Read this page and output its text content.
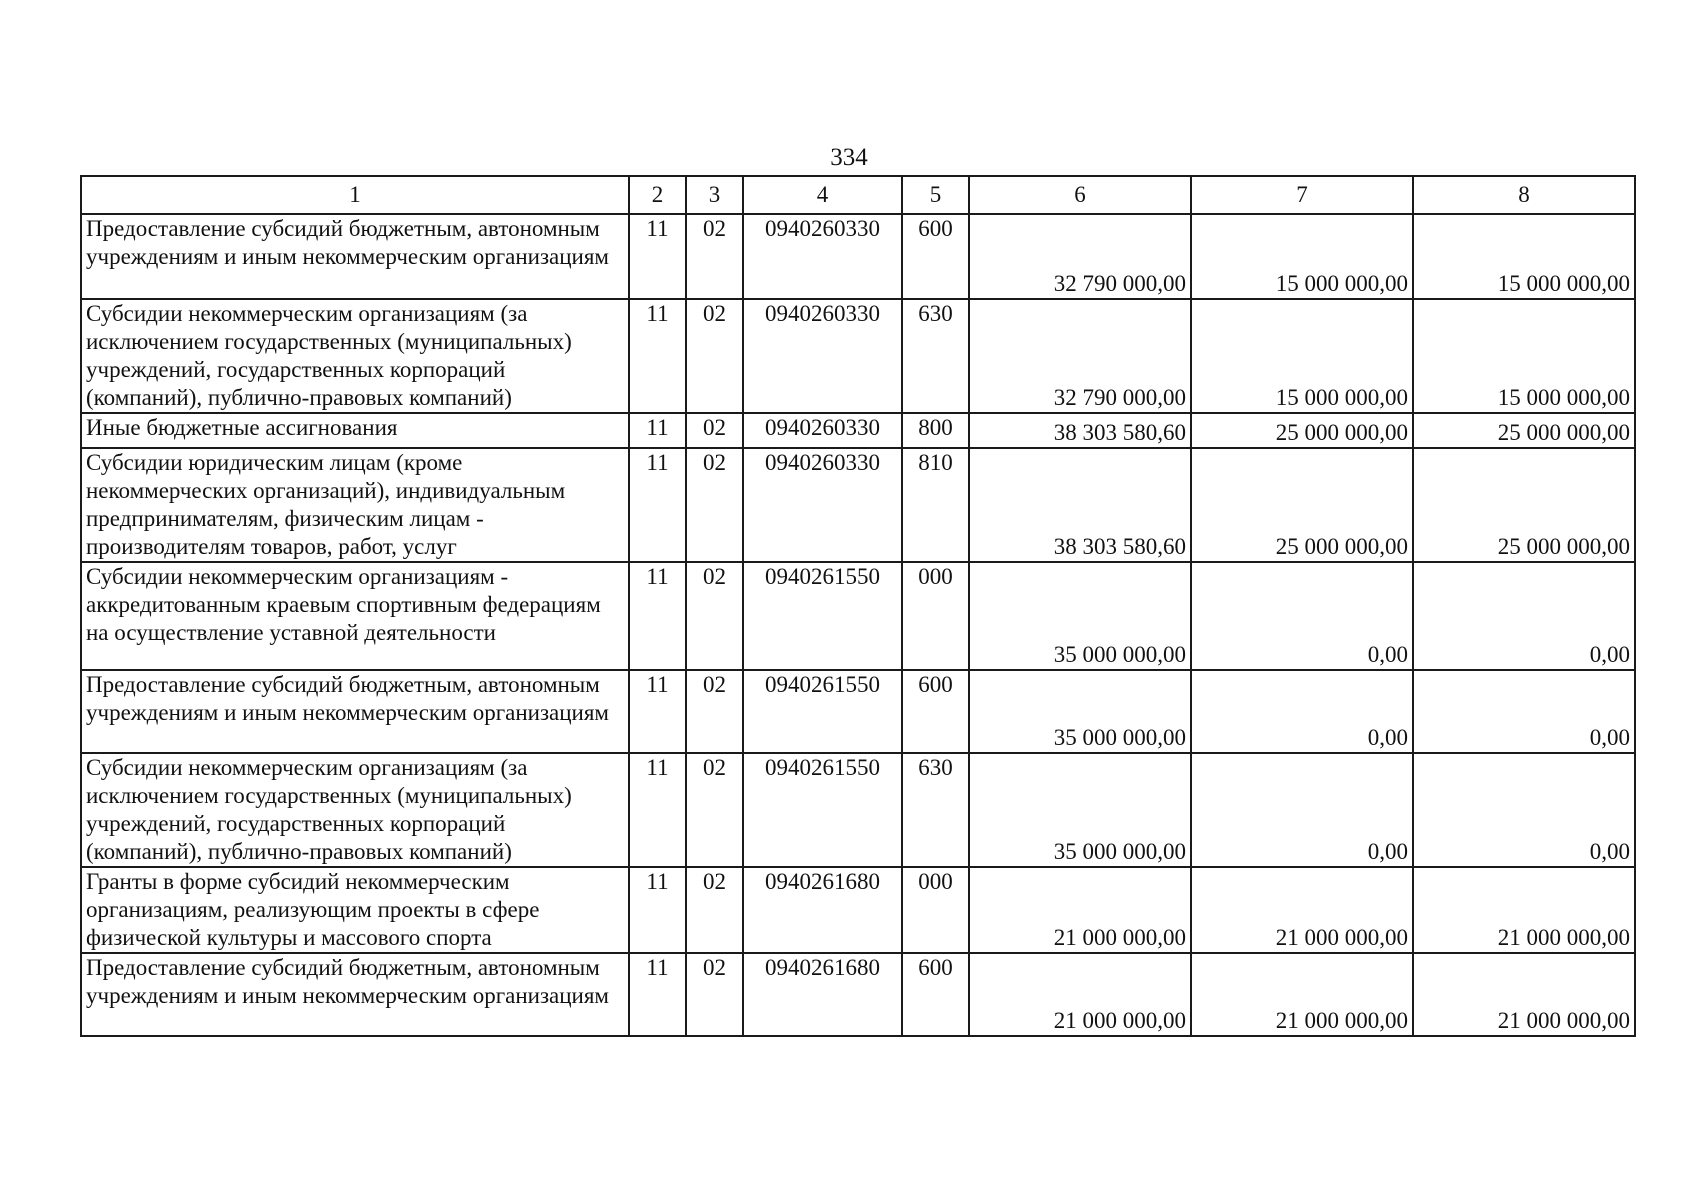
334
1	2	3	4	5	6	7	8
Предоставление субсидий бюджетным, автономным учреждениям и иным некоммерческим организациям	11	02	0940260330	600	32 790 000,00	15 000 000,00	15 000 000,00
Субсидии некоммерческим организациям (за исключением государственных (муниципальных) учреждений, государственных корпораций (компаний), публично-правовых компаний)	11	02	0940260330	630	32 790 000,00	15 000 000,00	15 000 000,00
Иные бюджетные ассигнования	11	02	0940260330	800	38 303 580,60	25 000 000,00	25 000 000,00
Субсидии юридическим лицам (кроме некоммерческих организаций), индивидуальным предпринимателям, физическим лицам - производителям товаров, работ, услуг	11	02	0940260330	810	38 303 580,60	25 000 000,00	25 000 000,00
Субсидии некоммерческим организациям - аккредитованным краевым спортивным федерациям на осуществление уставной деятельности	11	02	0940261550	000	35 000 000,00	0,00	0,00
Предоставление субсидий бюджетным, автономным учреждениям и иным некоммерческим организациям	11	02	0940261550	600	35 000 000,00	0,00	0,00
Субсидии некоммерческим организациям (за исключением государственных (муниципальных) учреждений, государственных корпораций (компаний), публично-правовых компаний)	11	02	0940261550	630	35 000 000,00	0,00	0,00
Гранты в форме субсидий некоммерческим организациям, реализующим проекты в сфере физической культуры и массового спорта	11	02	0940261680	000	21 000 000,00	21 000 000,00	21 000 000,00
Предоставление субсидий бюджетным, автономным учреждениям и иным некоммерческим организациям	11	02	0940261680	600	21 000 000,00	21 000 000,00	21 000 000,00
